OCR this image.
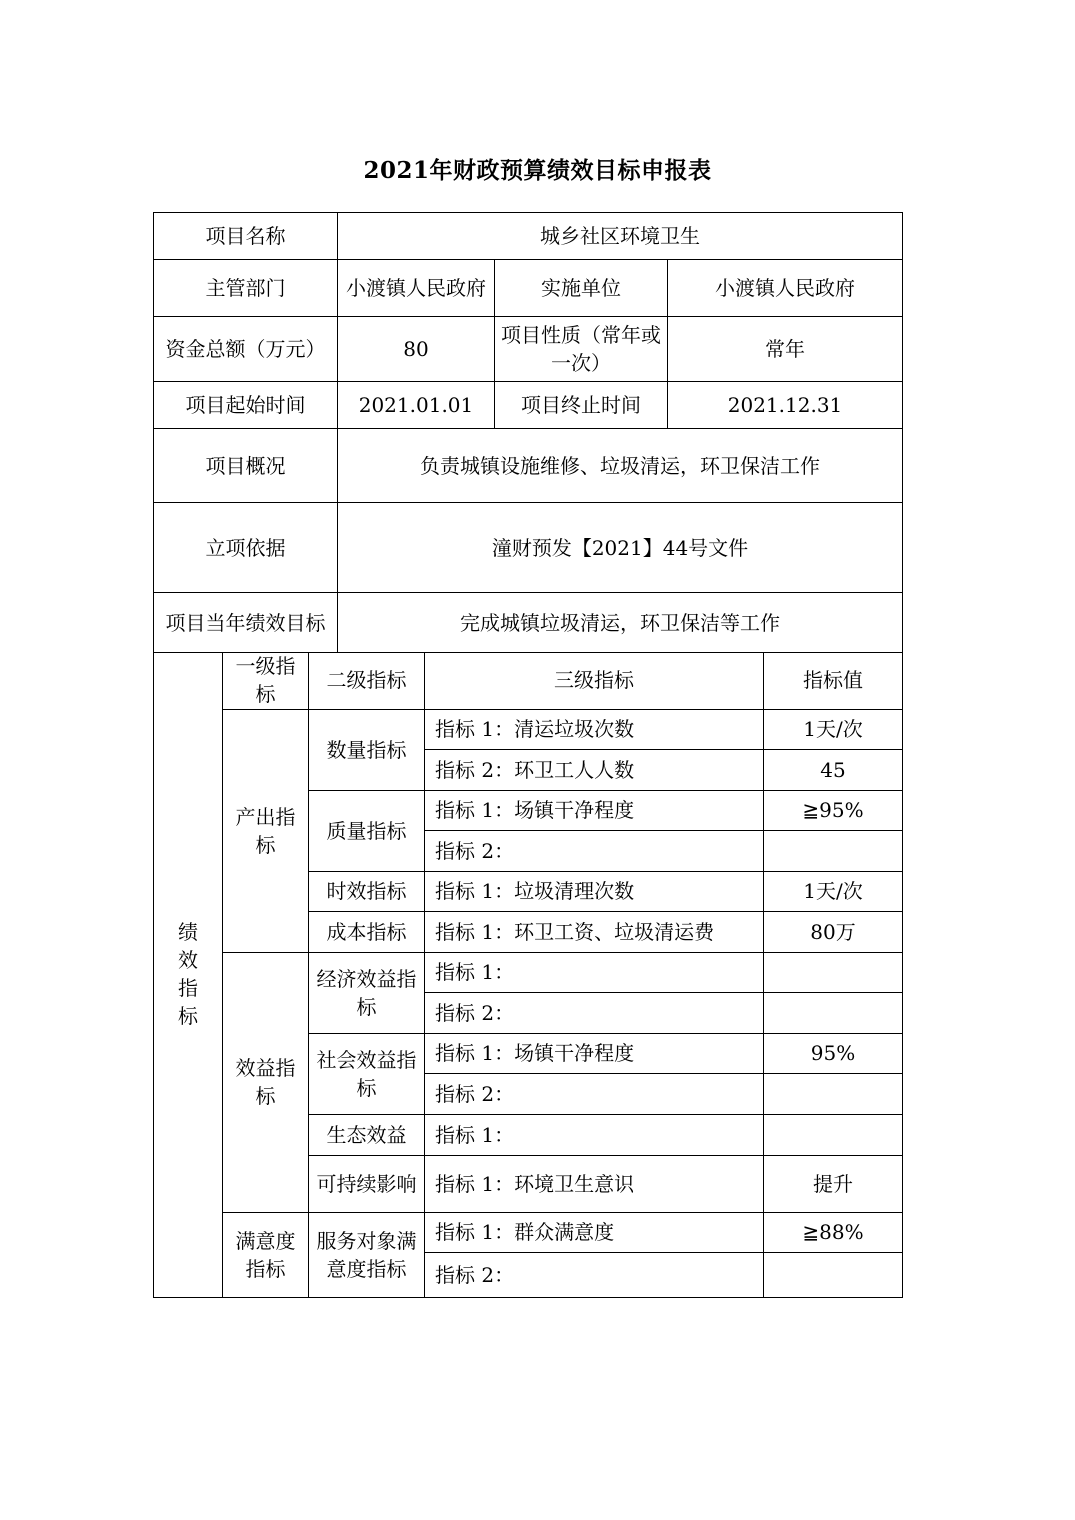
2021年财政预算绩效目标申报表
项目名称	城乡社区环境卫生		
主管部门	小渡镇人民政府	实施单位	小渡镇人民政府
资金总额（万元）	80	项目性质（常年或一次）	常年
项目起始时间	2021.01.01	项目终止时间	2021.12.31
项目概况	负责城镇设施维修、垃圾清运，环卫保洁工作		
立项依据	潼财预发【2021】44号文件		
项目当年绩效目标	完成城镇垃圾清运，环卫保洁等工作		
绩
效
指
标	一级指标	二级指标	三级指标	指标值
	产出指标	数量指标	指标 1：清运垃圾次数	1天/次
			指标 2：环卫工人人数	45
		质量指标	指标 1：场镇干净程度	≧95%
			指标 2：	
		时效指标	指标 1：垃圾清理次数	1天/次
		成本指标	指标 1：环卫工资、垃圾清运费	80万
	效益指标	经济效益指标	指标 1：	
			指标 2：	
		社会效益指标	指标 1：场镇干净程度	95%
			指标 2：	
		生态效益	指标 1：	
		可持续影响	指标 1：环境卫生意识	提升
	满意度指标	服务对象满意度指标	指标 1：群众满意度	≧88%
			指标 2：	
